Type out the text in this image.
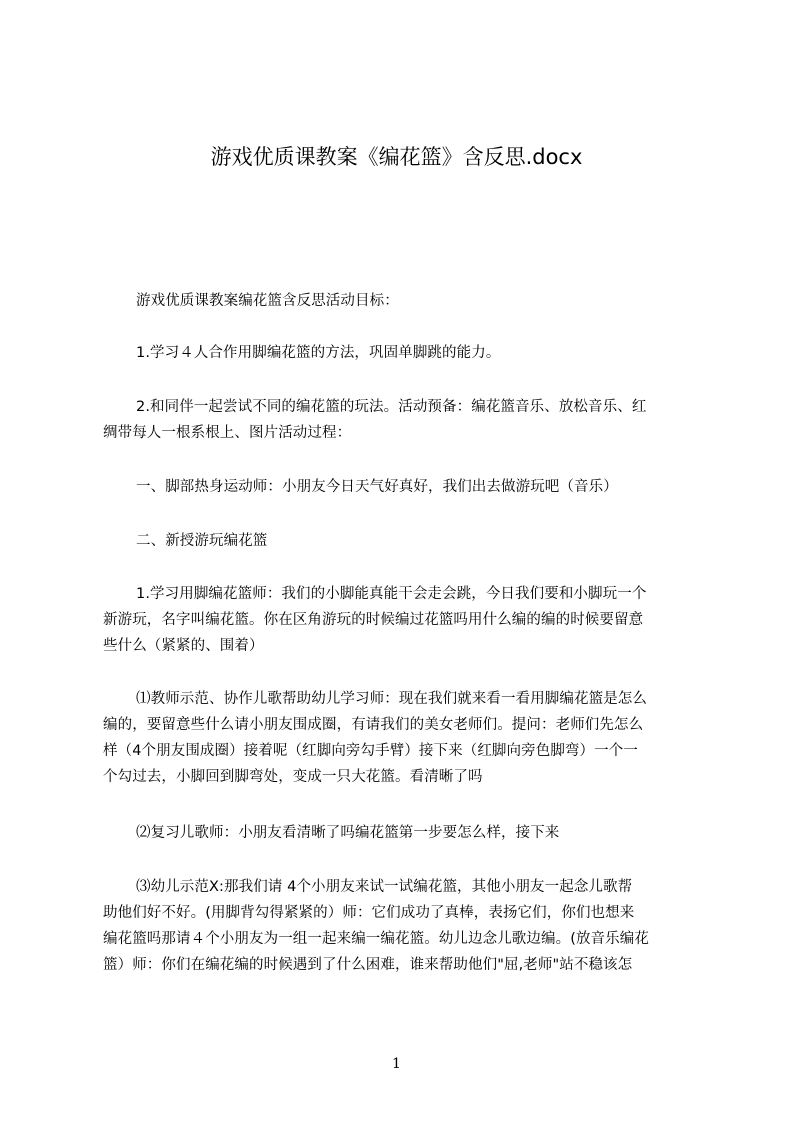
游戏优质课教案《编花篮》含反思.docx

游戏优质课教案编花篮含反思活动目标：

1.学习４人合作用脚编花篮的方法，巩固单脚跳的能力。

2.和同伴一起尝试不同的编花篮的玩法。活动预备：编花篮音乐、放松音乐、红
绸带每人一根系根上、图片活动过程：

一、脚部热身运动师：小朋友今日天气好真好，我们出去做游玩吧（音乐）

二、新授游玩编花篮

1.学习用脚编花篮师：我们的小脚能真能干会走会跳，今日我们要和小脚玩一个
新游玩，名字叫编花篮。你在区角游玩的时候编过花篮吗用什么编的编的时候要留意
些什么（紧紧的、围着）

⑴教师示范、协作儿歌帮助幼儿学习师：现在我们就来看一看用脚编花篮是怎么
编的，要留意些什么请小朋友围成圈，有请我们的美女老师们。提问：老师们先怎么
样（4个朋友围成圈）接着呢（红脚向旁勾手臂）接下来（红脚向旁色脚弯）一个一
个勾过去，小脚回到脚弯处，变成一只大花篮。看清晰了吗

⑵复习儿歌师：小朋友看清晰了吗编花篮第一步要怎么样，接下来

⑶幼儿示范Ⅹ:那我们请 4个小朋友来试一试编花篮，其他小朋友一起念儿歌帮
助他们好不好。(用脚背勾得紧紧的）师：它们成功了真棒，表扬它们，你们也想来
编花篮吗那请４个小朋友为一组一起来编一编花篮。幼儿边念儿歌边编。(放音乐编花
篮）师：你们在编花编的时候遇到了什么困难，谁来帮助他们"屈,老师"站不稳该怎

1
